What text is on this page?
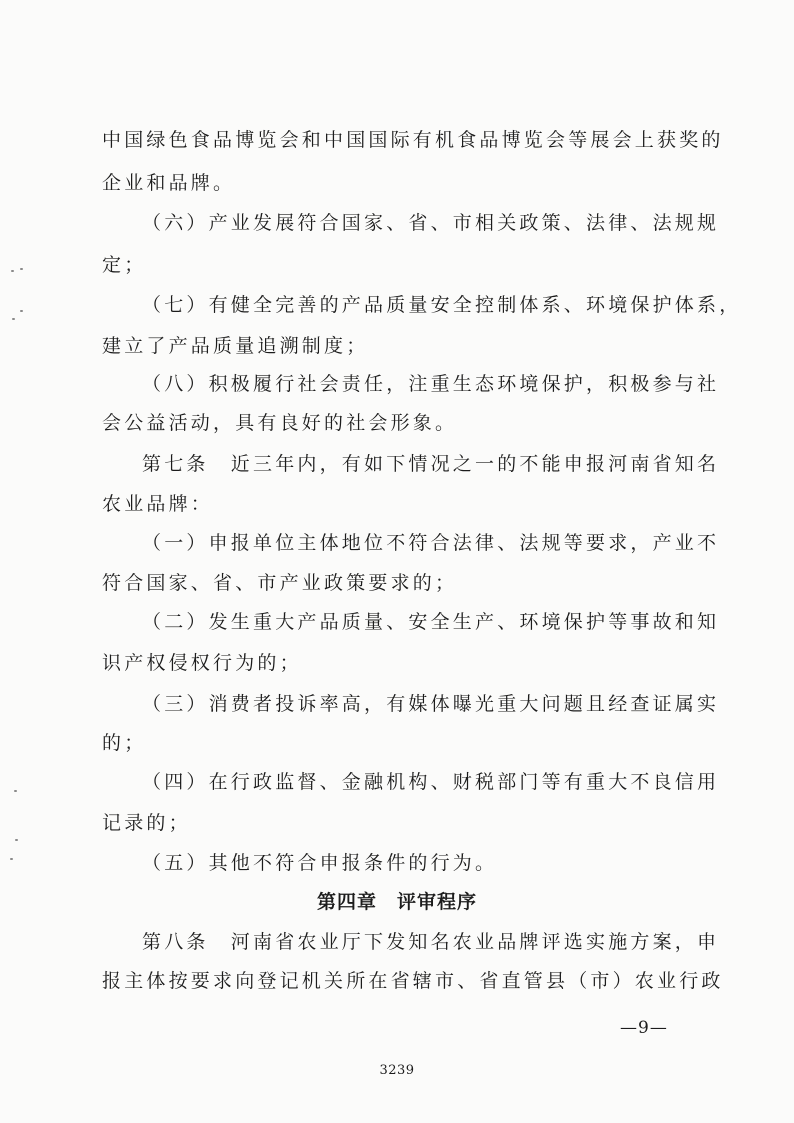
中国绿色食品博览会和中国国际有机食品博览会等展会上获奖的
企业和品牌。
（六）产业发展符合国家、省、市相关政策、法律、法规规
定；
（七）有健全完善的产品质量安全控制体系、环境保护体系，
建立了产品质量追溯制度；
（八）积极履行社会责任，注重生态环境保护，积极参与社
会公益活动，具有良好的社会形象。
第七条　近三年内，有如下情况之一的不能申报河南省知名
农业品牌：
（一）申报单位主体地位不符合法律、法规等要求，产业不
符合国家、省、市产业政策要求的；
（二）发生重大产品质量、安全生产、环境保护等事故和知
识产权侵权行为的；
（三）消费者投诉率高，有媒体曝光重大问题且经查证属实
的；
（四）在行政监督、金融机构、财税部门等有重大不良信用
记录的；
（五）其他不符合申报条件的行为。
第四章　评审程序
第八条　河南省农业厅下发知名农业品牌评选实施方案，申
报主体按要求向登记机关所在省辖市、省直管县（市）农业行政
—9—
3239
